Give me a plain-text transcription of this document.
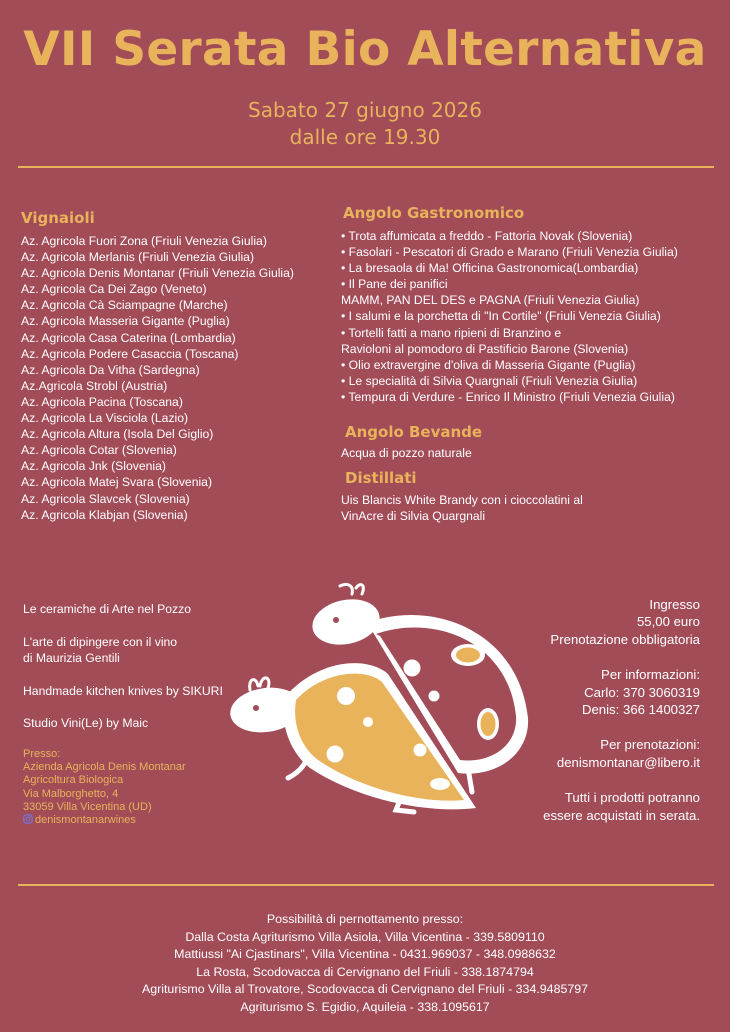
VII Serata Bio Alternativa
Sabato 27 giugno 2026
dalle ore 19.30
Vignaioli
Az. Agricola Fuori Zona (Friuli Venezia Giulia)
Az. Agricola Merlanis (Friuli Venezia Giulia)
Az. Agricola Denis Montanar (Friuli Venezia Giulia)
Az. Agricola Ca Dei Zago (Veneto)
Az. Agricola Cà Sciampagne (Marche)
Az. Agricola Masseria Gigante (Puglia)
Az. Agricola Casa Caterina (Lombardia)
Az. Agricola Podere Casaccia (Toscana)
Az. Agricola Da Vitha (Sardegna)
Az.Agricola Strobl (Austria)
Az. Agricola Pacina (Toscana)
Az. Agricola La Visciola (Lazio)
Az. Agricola Altura (Isola Del Giglio)
Az. Agricola Cotar (Slovenia)
Az. Agricola Jnk (Slovenia)
Az. Agricola Matej Svara (Slovenia)
Az. Agricola Slavcek (Slovenia)
Az. Agricola Klabjan (Slovenia)
Angolo Gastronomico
• Trota affumicata a freddo - Fattoria Novak (Slovenia)
• Fasolari - Pescatori di Grado e Marano (Friuli Venezia Giulia)
• La bresaola di Ma! Officina Gastronomica(Lombardia)
• Il Pane dei panifici
MAMM, PAN DEL DES e PAGNA (Friuli Venezia Giulia)
• I salumi e la porchetta di "In Cortile" (Friuli Venezia Giulia)
• Tortelli fatti a mano ripieni di Branzino e
Ravioloni al pomodoro di Pastificio Barone (Slovenia)
• Olio extravergine d'oliva di Masseria Gigante (Puglia)
• Le specialità di Silvia Quargnali (Friuli Venezia Giulia)
• Tempura di Verdure - Enrico Il Ministro (Friuli Venezia Giulia)
Angolo Bevande
Acqua di pozzo naturale
Distillati
Uis Blancis White Brandy con i cioccolatini al
VinAcre di Silvia Quargnali
Le ceramiche di Arte nel Pozzo
L'arte di dipingere con il vino
di Maurizia Gentili
Handmade kitchen knives by SIKURI
Studio Vini(Le) by Maic
Presso:
Azienda Agricola Denis Montanar
Agricoltura Biologica
Via Malborghetto, 4
33059 Villa Vicentina (UD)
denismontanarwines
Ingresso
55,00 euro
Prenotazione obbligatoria
Per informazioni:
Carlo: 370 3060319
Denis: 366 1400327
Per prenotazioni:
denismontanar@libero.it
Tutti i prodotti potranno
essere acquistati in serata.
Possibilità di pernottamento presso:
Dalla Costa Agriturismo Villa Asiola, Villa Vicentina - 339.5809110
Mattiussi "Ai Cjastinars", Villa Vicentina - 0431.969037 - 348.0988632
La Rosta, Scodovacca di Cervignano del Friuli - 338.1874794
Agriturismo Villa al Trovatore, Scodovacca di Cervignano del Friuli - 334.9485797
Agriturismo S. Egidio, Aquileia - 338.1095617
